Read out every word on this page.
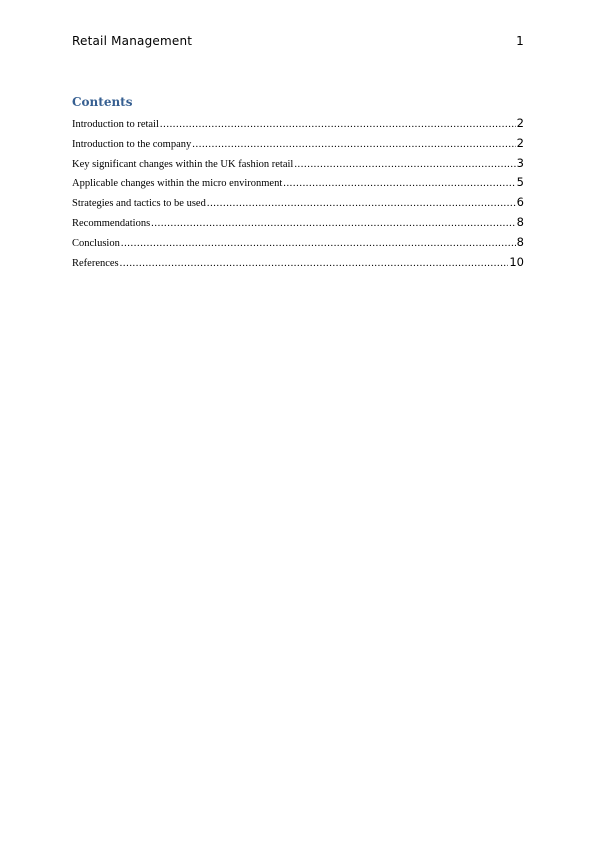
Retail Management	1
Contents
Introduction to retail .....	2
Introduction to the company .....	2
Key significant changes within the UK fashion retail .....	3
Applicable changes within the micro environment .....	5
Strategies and tactics to be used .....	6
Recommendations .....	8
Conclusion .....	8
References .....	10
